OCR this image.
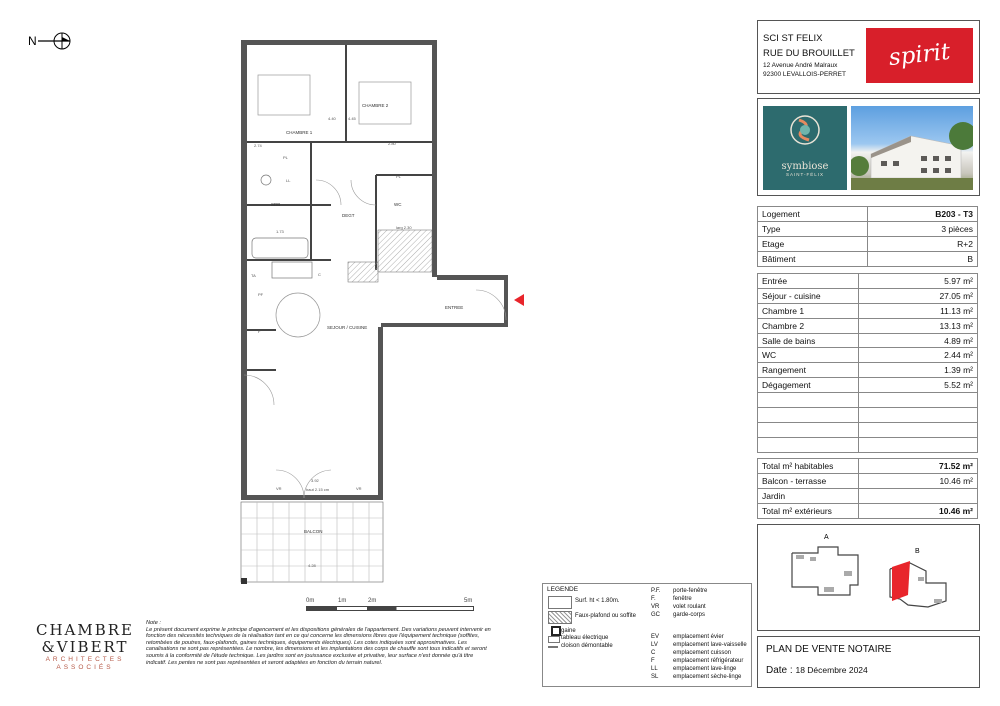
N
CHAMBRE 1
CHAMBRE 2
SDB
DEGT
WC
SEJOUR / CUISINE
ENTREE
BALCON
PL
LL
C
PL
VR
VR
PF
F
TA
2.74	2.80
4.40	4.45
1.73
larg 2.30
3.92
haut 2.15 cm
4.28
0m	1m	2m	5m
LEGENDE
Surf. ht < 1.80m.
Faux-plafond ou soffite
gaine
tableau électrique
cloison démontable
P.F. porte-fenêtre
F.	fenêtre
VR volet roulant
GC garde-corps
EV emplacement évier
LV	emplacement lave-vaisselle
C	emplacement cuisson
F	emplacement réfrigérateur
LL	emplacement lave-linge
SL emplacement sèche-linge
CHAMBRE
&VIBERT
ARCHITECTES
ASSOCIÉS
Note :
Le présent document exprime le principe d'agencement et les dispositions générales de l'appartement. Des variations peuvent intervenir en fonction des nécessités techniques de la réalisation tant en ce qui concerne les dimensions libres que l'équipement technique (soffites, retombées de poutres, faux-plafonds, gaines techniques, équipements électriques). Les cotes indiquées sont approximatives. Les canalisations ne sont pas représentées. Le nombre, les dimensions et les implantations des corps de chauffe sont tous indicatifs et seront soumis à la conformité de l'étude technique. Les jardins sont en jouissance exclusive et privative, leur surface n'est donnée qu'à titre indicatif. Les pentes ne sont pas représentées et seront adaptées en fonction du terrain naturel.
SCI ST FELIX
RUE DU BROUILLET
12 Avenue André Malraux
92300 LEVALLOIS-PERRET
spirit
symbiose
SAINT-FÉLIX
Logement	B203 - T3
Type	3 pièces
Etage	R+2
Bâtiment	B
Entrée	5.97 m²
Séjour - cuisine	27.05 m²
Chambre 1	11.13 m²
Chambre 2	13.13 m²
Salle de bains	4.89 m²
WC	2.44 m²
Rangement	1.39 m²
Dégagement	5.52 m²

Total m² habitables	71.52 m²
Balcon - terrasse	10.46 m²
Jardin	
Total m² extérieurs	10.46 m²
A
B
PLAN DE VENTE NOTAIRE
Date : 18 Décembre 2024
